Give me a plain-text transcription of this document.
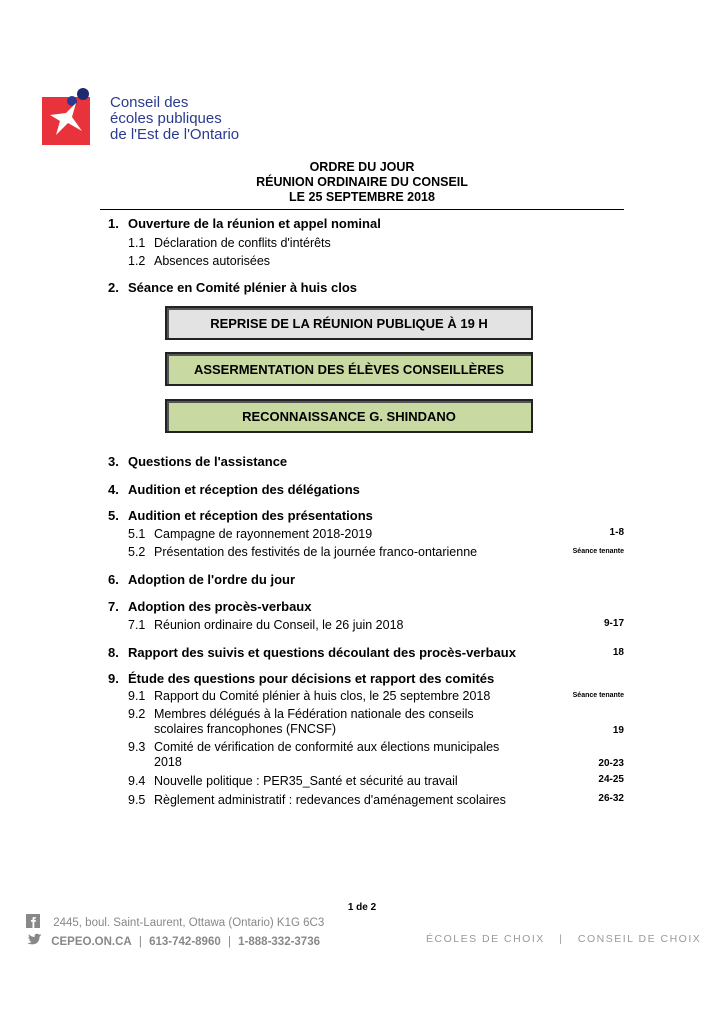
Conseil des
écoles publiques
de l'Est de l'Ontario
ORDRE DU JOUR
RÉUNION ORDINAIRE DU CONSEIL
LE 25 SEPTEMBRE 2018
1. Ouverture de la réunion et appel nominal
1.1 Déclaration de conflits d'intérêts
1.2 Absences autorisées
2. Séance en Comité plénier à huis clos
REPRISE DE LA RÉUNION PUBLIQUE À 19 H
ASSERMENTATION DES ÉLÈVES CONSEILLÈRES
RECONNAISSANCE G. SHINDANO
3. Questions de l'assistance
4. Audition et réception des délégations
5. Audition et réception des présentations
5.1 Campagne de rayonnement 2018-2019	1-8
5.2 Présentation des festivités de la journée franco-ontarienne	Séance tenante
6. Adoption de l'ordre du jour
7. Adoption des procès-verbaux
7.1 Réunion ordinaire du Conseil, le 26 juin 2018	9-17
8. Rapport des suivis et questions découlant des procès-verbaux	18
9. Étude des questions pour décisions et rapport des comités
9.1 Rapport du Comité plénier à huis clos, le 25 septembre 2018	Séance tenante
9.2 Membres délégués à la Fédération nationale des conseils
scolaires francophones (FNCSF)	19
9.3 Comité de vérification de conformité aux élections municipales
2018	20-23
9.4 Nouvelle politique : PER35_Santé et sécurité au travail	24-25
9.5 Règlement administratif : redevances d'aménagement scolaires	26-32
1 de 2
2445, boul. Saint-Laurent, Ottawa (Ontario) K1G 6C3
CEPEO.ON.CA | 613-742-8960 | 1-888-332-3736	ÉCOLES DE CHOIX | CONSEIL DE CHOIX
